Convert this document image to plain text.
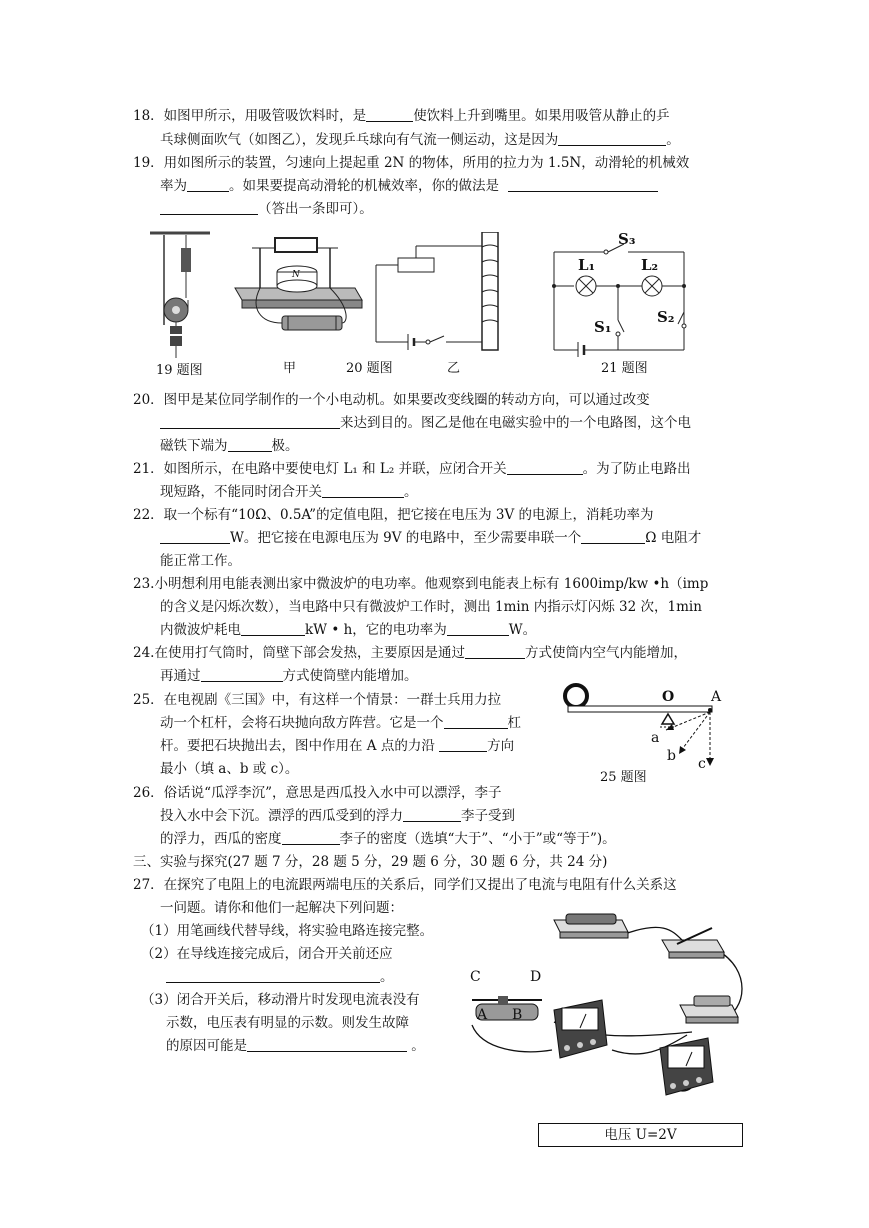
18．如图甲所示，用吸管吸饮料时，是	使饮料上升到嘴里。如果用吸管从静止的乒
乓球侧面吹气（如图乙），发现乒乓球向有气流一侧运动，这是因为	。
19．用如图所示的装置，匀速向上提起重 2N 的物体，所用的拉力为 1.5N，动滑轮的机械效
率为	。如果要提高动滑轮的机械效率，你的做法是
（答出一条即可）。
19 题图
N
甲	20 题图	乙
S₃
L₁	L₂
S₁
S₂
21 题图
20．图甲是某位同学制作的一个小电动机。如果要改变线圈的转动方向，可以通过改变
来达到目的。图乙是他在电磁实验中的一个电路图，这个电
磁铁下端为	极。
21．如图所示，在电路中要使电灯 L₁ 和 L₂ 并联，应闭合开关	。为了防止电路出
现短路，不能同时闭合开关	。
22．取一个标有“10Ω、0.5A”的定值电阻，把它接在电压为 3V 的电源上，消耗功率为
W。把它接在电源电压为 9V 的电路中，至少需要串联一个	Ω 电阻才
能正常工作。
23.小明想利用电能表测出家中微波炉的电功率。他观察到电能表上标有 1600imp/kw •h（imp
的含义是闪烁次数），当电路中只有微波炉工作时，测出 1min 内指示灯闪烁 32 次，1min
内微波炉耗电	kW • h，它的电功率为	W。
24.在使用打气筒时，筒壁下部会发热，主要原因是通过	方式使筒内空气内能增加，
再通过	方式使筒壁内能增加。
25．在电视剧《三国》中，有这样一个情景：一群士兵用力拉
动一个杠杆，会将石块抛向敌方阵营。它是一个	杠
杆。要把石块抛出去，图中作用在 A 点的力沿	方向
最小（填 a、b 或 c）。
O	A
a
b c
25 题图
26．俗话说“瓜浮李沉”，意思是西瓜投入水中可以漂浮，李子
投入水中会下沉。漂浮的西瓜受到的浮力	李子受到
的浮力，西瓜的密度	李子的密度（选填“大于”、“小于”或“等于”)。
三、实验与探究(27 题 7 分，28 题 5 分，29 题 6 分，30 题 6 分，共 24 分)
27．在探究了电阻上的电流跟两端电压的关系后，同学们又提出了电流与电阻有什么关系这
一问题。请你和他们一起解决下列问题：
（1）用笔画线代替导线，将实验电路连接完整。
（2）在导线连接完成后，闭合开关前还应
。
（3）闭合开关后，移动滑片时发现电流表没有
示数，电压表有明显的示数。则发生故障
的原因可能是	。
C	D
A B
电压 U=2V
